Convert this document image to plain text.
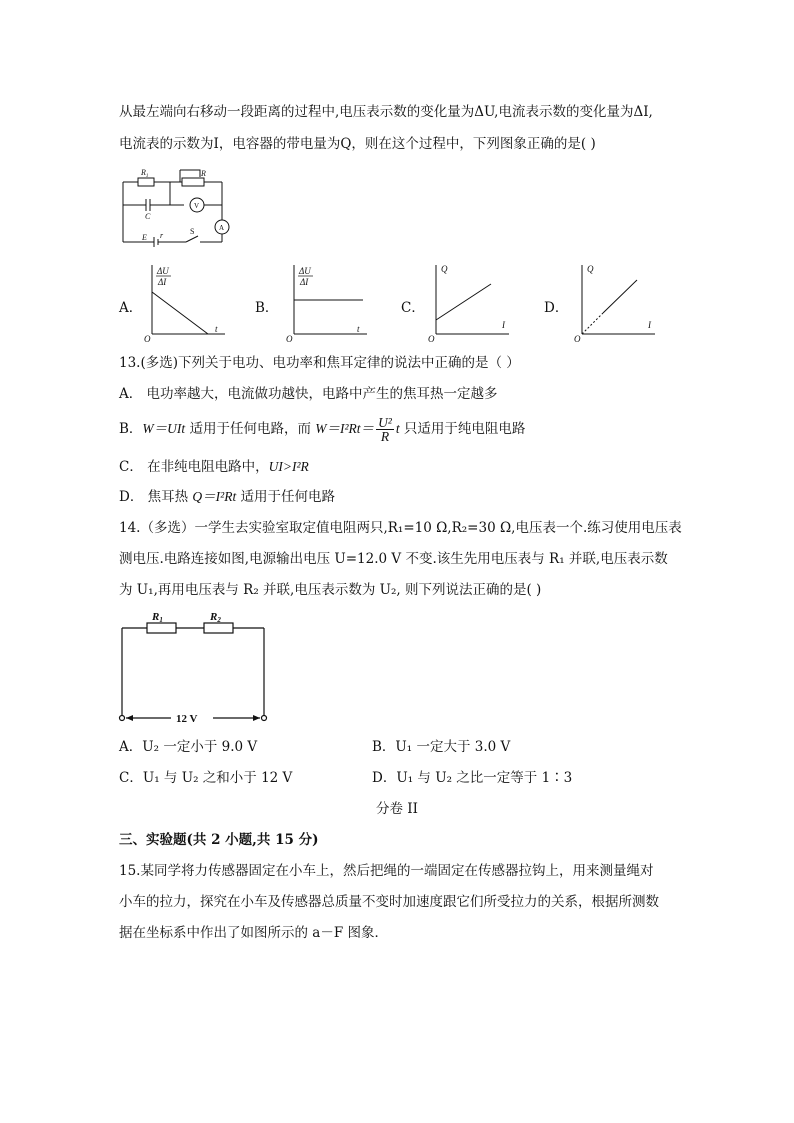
从最左端向右移动一段距离的过程中,电压表示数的变化量为ΔU,电流表示数的变化量为ΔI,
电流表的示数为I，电容器的带电量为Q，则在这个过程中，下列图象正确的是( )
$R_1$	R
V
A
C
E r	S
A．
ΔU
ΔI
t
O
B．
ΔU
ΔI
t
O
C．
Q
I
O
D．
Q
I
O
13.(多选)下列关于电功、电功率和焦耳定律的说法中正确的是（ ）
A． 电功率越大，电流做功越快，电路中产生的焦耳热一定越多
B．W＝UIt 适用于任何电路，而 $W=I^2Rt= \frac{\text{U²}}{R}$ t 只适用于纯电阻电路
C． 在非纯电阻电路中，UI>I²R
D． 焦耳热 Q＝I²Rt 适用于任何电路
14.（多选）一学生去实验室取定值电阻两只,R₁=10 Ω,R₂=30 Ω,电压表一个.练习使用电压表
测电压.电路连接如图,电源输出电压 U=12.0 V 不变.该生先用电压表与 R₁ 并联,电压表示数
为 U₁,再用电压表与 R₂ 并联,电压表示数为 U₂, 则下列说法正确的是( )
R1	R2
12 V
A．U₂ 一定小于 9.0 V	B．U₁ 一定大于 3.0 V
C．U₁ 与 U₂ 之和小于 12 V	D．U₁ 与 U₂ 之比一定等于 1∶3
分卷 II
三、实验题(共 2 小题,共 15 分)
15.某同学将力传感器固定在小车上，然后把绳的一端固定在传感器拉钩上，用来测量绳对
小车的拉力，探究在小车及传感器总质量不变时加速度跟它们所受拉力的关系，根据所测数
据在坐标系中作出了如图所示的 a－F 图象．
